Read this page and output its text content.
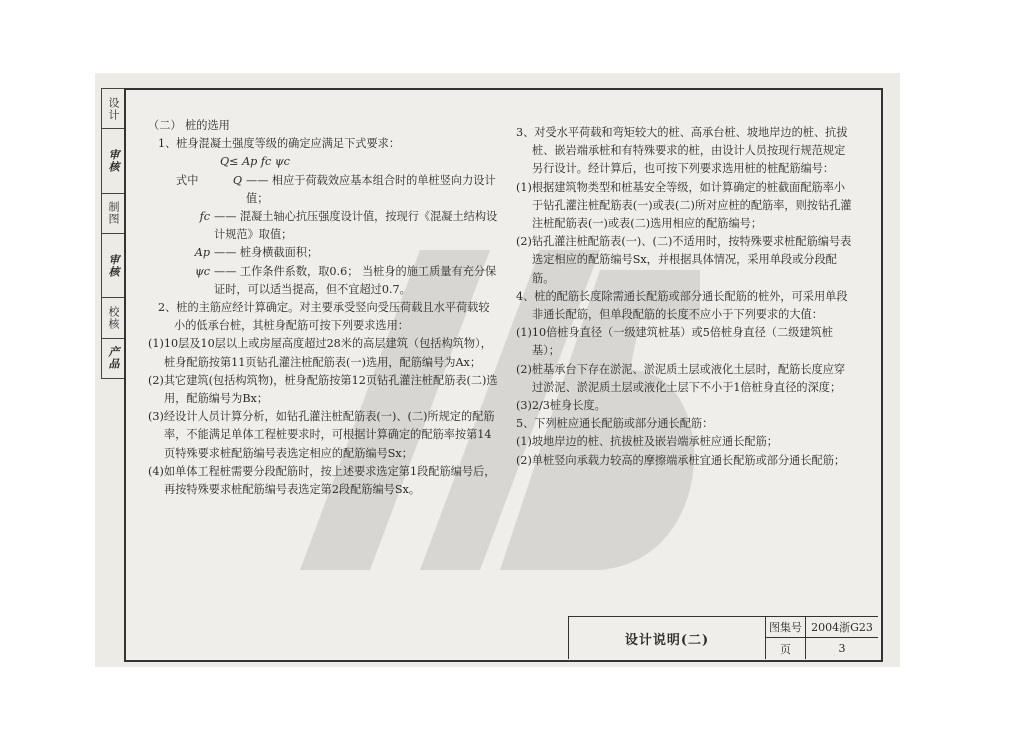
设计
审核
制图
审核
校核
产品

（二） 桩的选用

1、桩身混凝土强度等级的确定应满足下式要求：

Q≤ Ap fc ψc

式中	Q —— 相应于荷载效应基本组合时的单桩竖向力设计值；
fc —— 混凝土轴心抗压强度设计值，按现行《混凝土结构设计规范》取值；
Ap —— 桩身横截面积；
ψc —— 工作条件系数，取0.6； 当桩身的施工质量有充分保证时，可以适当提高，但不宜超过0.7。

2、桩的主筋应经计算确定。对主要承受竖向受压荷载且水平荷载较小的低承台桩，其桩身配筋可按下列要求选用：

(1)10层及10层以上或房屋高度超过28米的高层建筑（包括构筑物），桩身配筋按第11页钻孔灌注桩配筋表(一)选用，配筋编号为Ax；

(2)其它建筑(包括构筑物)，桩身配筋按第12页钻孔灌注桩配筋表(二)选用，配筋编号为Bx；

(3)经设计人员计算分析，如钻孔灌注桩配筋表(一)、(二)所规定的配筋率，不能满足单体工程桩要求时，可根据计算确定的配筋率按第14页特殊要求桩配筋编号表选定相应的配筋编号Sx；

(4)如单体工程桩需要分段配筋时，按上述要求选定第1段配筋编号后，再按特殊要求桩配筋编号表选定第2段配筋编号Sx。

3、对受水平荷载和弯矩较大的桩、高承台桩、坡地岸边的桩、抗拔桩、嵌岩端承桩和有特殊要求的桩，由设计人员按现行规范规定另行设计。经计算后，也可按下列要求选用桩的桩配筋编号：

(1)根据建筑物类型和桩基安全等级，如计算确定的桩截面配筋率小于钻孔灌注桩配筋表(一)或表(二)所对应桩的配筋率，则按钻孔灌注桩配筋表(一)或表(二)选用相应的配筋编号；

(2)钻孔灌注桩配筋表(一)、(二)不适用时，按特殊要求桩配筋编号表选定相应的配筋编号Sx，并根据具体情况，采用单段或分段配筋。

4、桩的配筋长度除需通长配筋或部分通长配筋的桩外，可采用单段非通长配筋，但单段配筋的长度不应小于下列要求的大值：

(1)10倍桩身直径（一级建筑桩基）或5倍桩身直径（二级建筑桩基）；

(2)桩基承台下存在淤泥、淤泥质土层或液化土层时，配筋长度应穿过淤泥、淤泥质土层或液化土层下不小于1倍桩身直径的深度；

(3)2/3桩身长度。

5、下列桩应通长配筋或部分通长配筋：

(1)坡地岸边的桩、抗拔桩及嵌岩端承桩应通长配筋；

(2)单桩竖向承载力较高的摩擦端承桩宜通长配筋或部分通长配筋；

设计说明(二)
图集号 2004浙G23
页	3
